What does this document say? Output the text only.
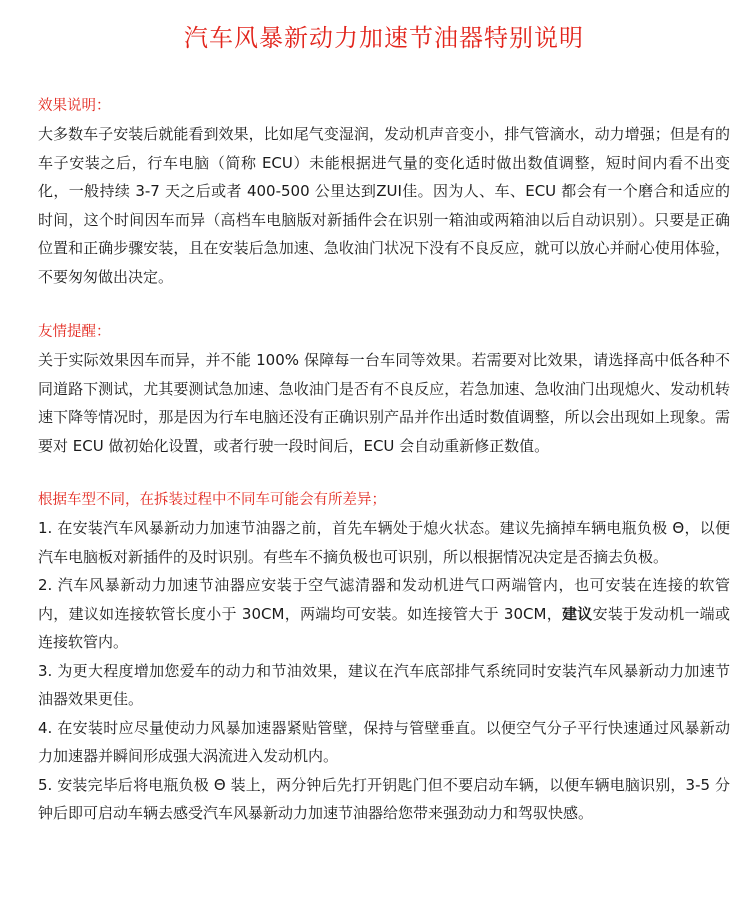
汽车风暴新动力加速节油器特别说明

效果说明：

大多数车子安装后就能看到效果，比如尾气变湿润，发动机声音变小，排气管滴水，动力增强；但是有的车子安装之后，行车电脑（简称 ECU）未能根据进气量的变化适时做出数值调整，短时间内看不出变化，一般持续 3-7 天之后或者 400-500 公里达到ZUI佳。因为人、车、ECU 都会有一个磨合和适应的时间，这个时间因车而异（高档车电脑版对新插件会在识别一箱油或两箱油以后自动识别）。只要是正确位置和正确步骤安装，且在安装后急加速、急收油门状况下没有不良反应，就可以放心并耐心使用体验，不要匆匆做出决定。

友情提醒：

关于实际效果因车而异，并不能 100% 保障每一台车同等效果。若需要对比效果，请选择高中低各种不同道路下测试，尤其要测试急加速、急收油门是否有不良反应，若急加速、急收油门出现熄火、发动机转速下降等情况时，那是因为行车电脑还没有正确识别产品并作出适时数值调整，所以会出现如上现象。需要对 ECU 做初始化设置，或者行驶一段时间后，ECU 会自动重新修正数值。

根据车型不同，在拆装过程中不同车可能会有所差异；

1. 在安装汽车风暴新动力加速节油器之前，首先车辆处于熄火状态。建议先摘掉车辆电瓶负极 Θ，以便汽车电脑板对新插件的及时识别。有些车不摘负极也可识别，所以根据情况决定是否摘去负极。

2. 汽车风暴新动力加速节油器应安装于空气滤清器和发动机进气口两端管内，也可安装在连接的软管内，建议如连接软管长度小于 30CM，两端均可安装。如连接管大于 30CM，建议安装于发动机一端或连接软管内。

3. 为更大程度增加您爱车的动力和节油效果，建议在汽车底部排气系统同时安装汽车风暴新动力加速节油器效果更佳。

4. 在安装时应尽量使动力风暴加速器紧贴管壁，保持与管壁垂直。以便空气分子平行快速通过风暴新动力加速器并瞬间形成强大涡流进入发动机内。

5. 安装完毕后将电瓶负极 Θ 装上，两分钟后先打开钥匙门但不要启动车辆，以便车辆电脑识别，3-5 分钟后即可启动车辆去感受汽车风暴新动力加速节油器给您带来强劲动力和驾驭快感。
